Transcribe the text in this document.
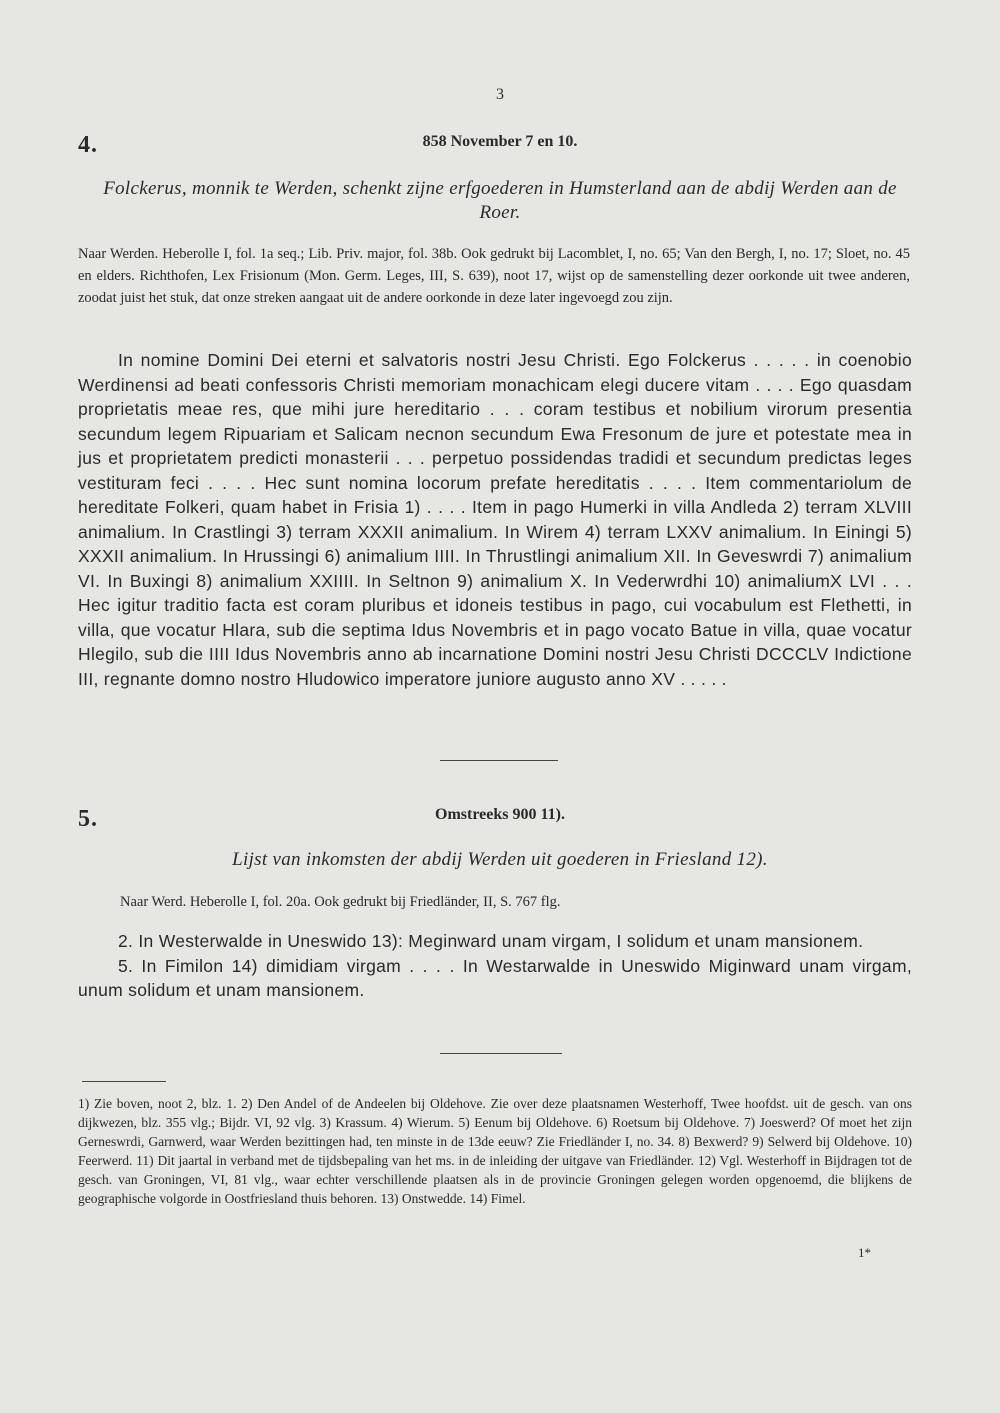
3
4.	858 November 7 en 10.
Folckerus, monnik te Werden, schenkt zijne erfgoederen in Humsterland aan de abdij Werden aan de Roer.
Naar Werden. Heberolle I, fol. 1a seq.; Lib. Priv. major, fol. 38b. Ook gedrukt bij Lacomblet, I, no. 65; Van den Bergh, I, no. 17; Sloet, no. 45 en elders. Richthofen, Lex Frisionum (Mon. Germ. Leges, III, S. 639), noot 17, wijst op de samenstelling dezer oorkonde uit twee anderen, zoodat juist het stuk, dat onze streken aangaat uit de andere oorkonde in deze later ingevoegd zou zijn.

In nomine Domini Dei eterni et salvatoris nostri Jesu Christi. Ego Folckerus . . . . . in coenobio Werdinensi ad beati confessoris Christi memoriam monachicam elegi ducere vitam . . . . Ego quasdam proprietatis meae res, que mihi jure hereditario . . . coram testibus et nobilium virorum presentia secundum legem Ripuariam et Salicam necnon secundum Ewa Fresonum de jure et potestate mea in jus et proprietatem predicti monasterii . . . perpetuo possidendas tradidi et secundum predictas leges vestituram feci . . . . Hec sunt nomina locorum prefate hereditatis . . . . Item commentariolum de hereditate Folkeri, quam habet in Frisia 1) . . . . Item in pago Humerki in villa Andleda 2) terram XLVIII animalium. In Crastlingi 3) terram XXXII animalium. In Wirem 4) terram LXXV animalium. In Einingi 5) XXXII animalium. In Hrussingi 6) animalium IIII. In Thrustlingi animalium XII. In Geveswrdi 7) animalium VI. In Buxingi 8) animalium XXIIII. In Seltnon 9) animalium X. In Vederwrdhi 10) animaliumX LVI . . . Hec igitur traditio facta est coram pluribus et idoneis testibus in pago, cui vocabulum est Flethetti, in villa, que vocatur Hlara, sub die septima Idus Novembris et in pago vocato Batue in villa, quae vocatur Hlegilo, sub die IIII Idus Novembris anno ab incarnatione Domini nostri Jesu Christi DCCCLV Indictione III, regnante domno nostro Hludowico imperatore juniore augusto anno XV . . . . .

5.	Omstreeks 900 11).
Lijst van inkomsten der abdij Werden uit goederen in Friesland 12).
Naar Werd. Heberolle I, fol. 20a. Ook gedrukt bij Friedländer, II, S. 767 flg.

2. In Westerwalde in Uneswido 13): Meginward unam virgam, I solidum et unam mansionem.

5. In Fimilon 14) dimidiam virgam . . . . In Westarwalde in Uneswido Miginward unam virgam, unum solidum et unam mansionem.

1) Zie boven, noot 2, blz. 1. 2) Den Andel of de Andeelen bij Oldehove. Zie over deze plaatsnamen Westerhoff, Twee hoofdst. uit de gesch. van ons dijkwezen, blz. 355 vlg.; Bijdr. VI, 92 vlg. 3) Krassum. 4) Wierum. 5) Eenum bij Oldehove. 6) Roetsum bij Oldehove. 7) Joeswerd? Of moet het zijn Gerneswrdi, Garnwerd, waar Werden bezittingen had, ten minste in de 13de eeuw? Zie Friedländer I, no. 34. 8) Bexwerd? 9) Selwerd bij Oldehove. 10) Feerwerd. 11) Dit jaartal in verband met de tijdsbepaling van het ms. in de inleiding der uitgave van Friedländer. 12) Vgl. Westerhoff in Bijdragen tot de gesch. van Groningen, VI, 81 vlg., waar echter verschillende plaatsen als in de provincie Groningen gelegen worden opgenoemd, die blijkens de geographische volgorde in Oostfriesland thuis behoren. 13) Onstwedde. 14) Fimel.

1*
